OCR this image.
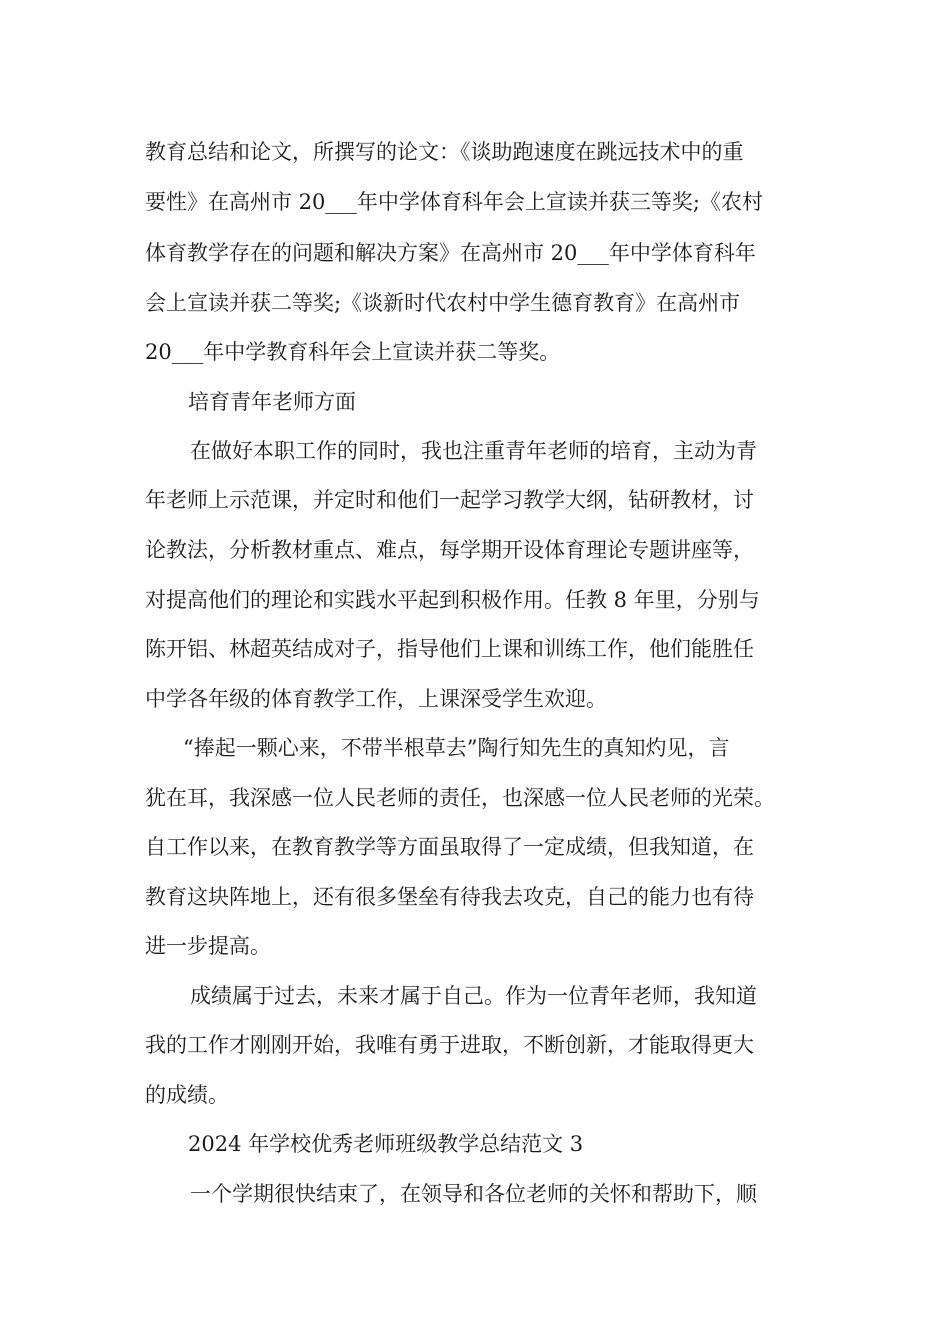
教育总结和论文，所撰写的论文：《谈助跑速度在跳远技术中的重
要性》在高州市 20___年中学体育科年会上宣读并获三等奖;《农村
体育教学存在的问题和解决方案》在高州市 20___年中学体育科年
会上宣读并获二等奖;《谈新时代农村中学生德育教育》在高州市
20___年中学教育科年会上宣读并获二等奖。
培育青年老师方面
在做好本职工作的同时，我也注重青年老师的培育，主动为青
年老师上示范课，并定时和他们一起学习教学大纲，钻研教材，讨
论教法，分析教材重点、难点，每学期开设体育理论专题讲座等，
对提高他们的理论和实践水平起到积极作用。任教 8 年里，分别与
陈开铝、林超英结成对子，指导他们上课和训练工作，他们能胜任
中学各年级的体育教学工作，上课深受学生欢迎。
“捧起一颗心来，不带半根草去”陶行知先生的真知灼见，言
犹在耳，我深感一位人民老师的责任，也深感一位人民老师的光荣。
自工作以来，在教育教学等方面虽取得了一定成绩，但我知道，在
教育这块阵地上，还有很多堡垒有待我去攻克，自己的能力也有待
进一步提高。
成绩属于过去，未来才属于自己。作为一位青年老师，我知道
我的工作才刚刚开始，我唯有勇于进取，不断创新，才能取得更大
的成绩。
2024 年学校优秀老师班级教学总结范文 3
一个学期很快结束了，在领导和各位老师的关怀和帮助下，顺
